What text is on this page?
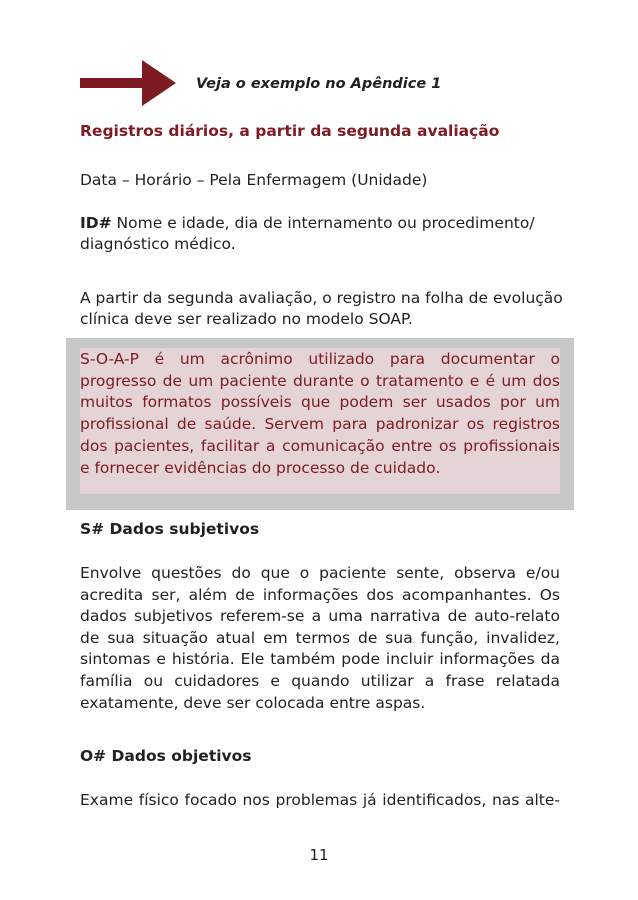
Veja o exemplo no Apêndice 1
Registros diários, a partir da segunda avaliação
Data – Horário – Pela Enfermagem (Unidade)
ID# Nome e idade, dia de internamento ou procedimento/
diagnóstico médico.
A partir da segunda avaliação, o registro na folha de evolução
clínica deve ser realizado no modelo SOAP.
S-O-A-P é um acrônimo utilizado para documentar o progresso de um paciente durante o tratamento e é um dos muitos formatos possíveis que podem ser usados por um profissional de saúde. Servem para padronizar os registros dos pacientes, facilitar a comunicação entre os profissionais e fornecer evidências do processo de cuidado.
S# Dados subjetivos
Envolve questões do que o paciente sente, observa e/ou acredita ser, além de informações dos acompanhantes. Os dados subjetivos referem-se a uma narrativa de auto-relato de sua situação atual em termos de sua função, invalidez, sintomas e história. Ele também pode incluir informações da família ou cuidadores e quando utilizar a frase relatada exatamente, deve ser colocada entre aspas.
O# Dados objetivos
Exame físico focado nos problemas já identificados, nas alte-
11
